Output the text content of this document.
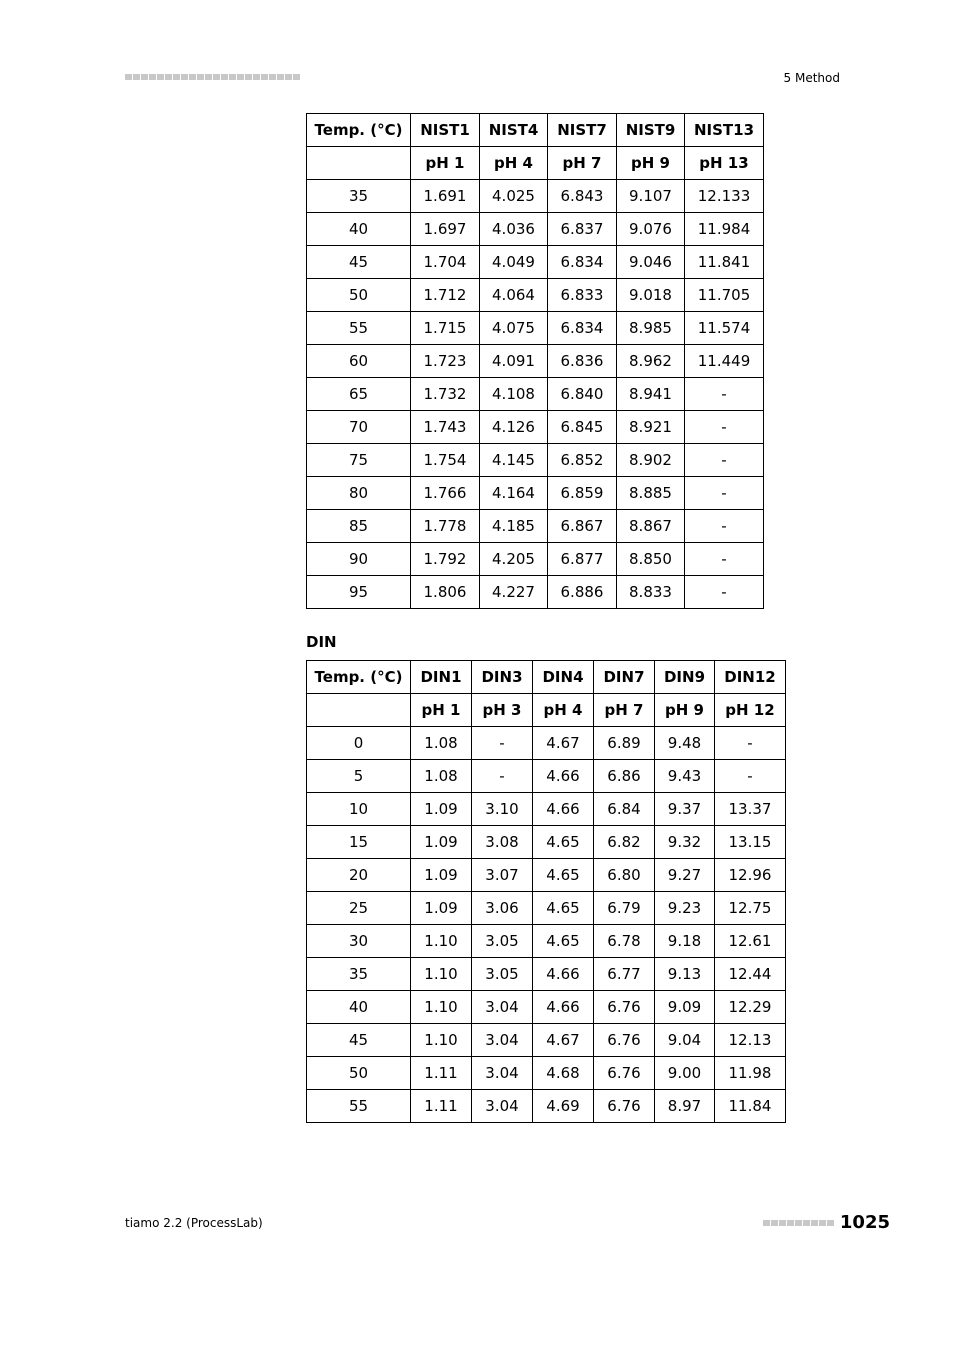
5 Method
Temp. (°C)	NIST1	NIST4	NIST7	NIST9	NIST13
	pH 1	pH 4	pH 7	pH 9	pH 13
35	1.691	4.025	6.843	9.107	12.133
40	1.697	4.036	6.837	9.076	11.984
45	1.704	4.049	6.834	9.046	11.841
50	1.712	4.064	6.833	9.018	11.705
55	1.715	4.075	6.834	8.985	11.574
60	1.723	4.091	6.836	8.962	11.449
65	1.732	4.108	6.840	8.941	-
70	1.743	4.126	6.845	8.921	-
75	1.754	4.145	6.852	8.902	-
80	1.766	4.164	6.859	8.885	-
85	1.778	4.185	6.867	8.867	-
90	1.792	4.205	6.877	8.850	-
95	1.806	4.227	6.886	8.833	-
DIN
Temp. (°C)	DIN1	DIN3	DIN4	DIN7	DIN9	DIN12
	pH 1	pH 3	pH 4	pH 7	pH 9	pH 12
0	1.08	-	4.67	6.89	9.48	-
5	1.08	-	4.66	6.86	9.43	-
10	1.09	3.10	4.66	6.84	9.37	13.37
15	1.09	3.08	4.65	6.82	9.32	13.15
20	1.09	3.07	4.65	6.80	9.27	12.96
25	1.09	3.06	4.65	6.79	9.23	12.75
30	1.10	3.05	4.65	6.78	9.18	12.61
35	1.10	3.05	4.66	6.77	9.13	12.44
40	1.10	3.04	4.66	6.76	9.09	12.29
45	1.10	3.04	4.67	6.76	9.04	12.13
50	1.11	3.04	4.68	6.76	9.00	11.98
55	1.11	3.04	4.69	6.76	8.97	11.84
tiamo 2.2 (ProcessLab)	1025
